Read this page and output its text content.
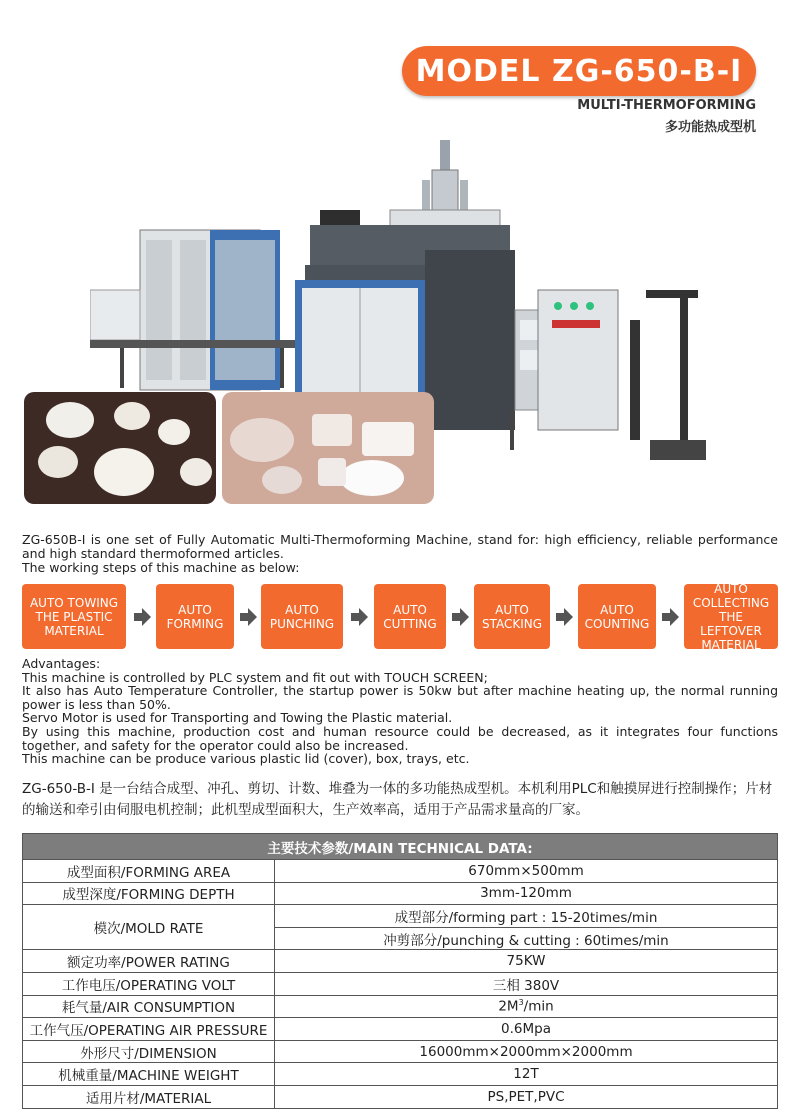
MODEL ZG-650-B-I
MULTI-THERMOFORMING
多功能热成型机
ZG-650B-I is one set of Fully Automatic Multi-Thermoforming Machine, stand for: high efficiency, reliable performance and high standard thermoformed articles.
The working steps of this machine as below:
AUTO TOWING THE PLASTIC MATERIAL
AUTO FORMING
AUTO PUNCHING
AUTO CUTTING
AUTO STACKING
AUTO COUNTING
AUTO COLLECTING THE LEFTOVER MATERIAL
Advantages:
This machine is controlled by PLC system and fit out with TOUCH SCREEN;
It also has Auto Temperature Controller, the startup power is 50kw but after machine heating up, the normal running power is less than 50%.
Servo Motor is used for Transporting and Towing the Plastic material.
By using this machine, production cost and human resource could be decreased, as it integrates four functions together, and safety for the operator could also be increased.
This machine can be produce various plastic lid (cover), box, trays, etc.
ZG-650-B-I 是一台结合成型、冲孔、剪切、计数、堆叠为一体的多功能热成型机。本机利用PLC和触摸屏进行控制操作；片材的输送和牵引由伺服电机控制；此机型成型面积大，生产效率高，适用于产品需求量高的厂家。
主要技术参数/MAIN TECHNICAL DATA:	
成型面积/FORMING AREA	670mm×500mm
成型深度/FORMING DEPTH	3mm-120mm
模次/MOLD RATE	成型部分/forming part : 15-20times/min
	冲剪部分/punching & cutting : 60times/min
额定功率/POWER RATING	75KW
工作电压/OPERATING VOLT	三相 380V
耗气量/AIR CONSUMPTION	$2M^3/\min$
工作气压/OPERATING AIR PRESSURE	0.6Mpa
外形尺寸/DIMENSION	16000mm×2000mm×2000mm
机械重量/MACHINE WEIGHT	12T
适用片材/MATERIAL	PS,PET,PVC
